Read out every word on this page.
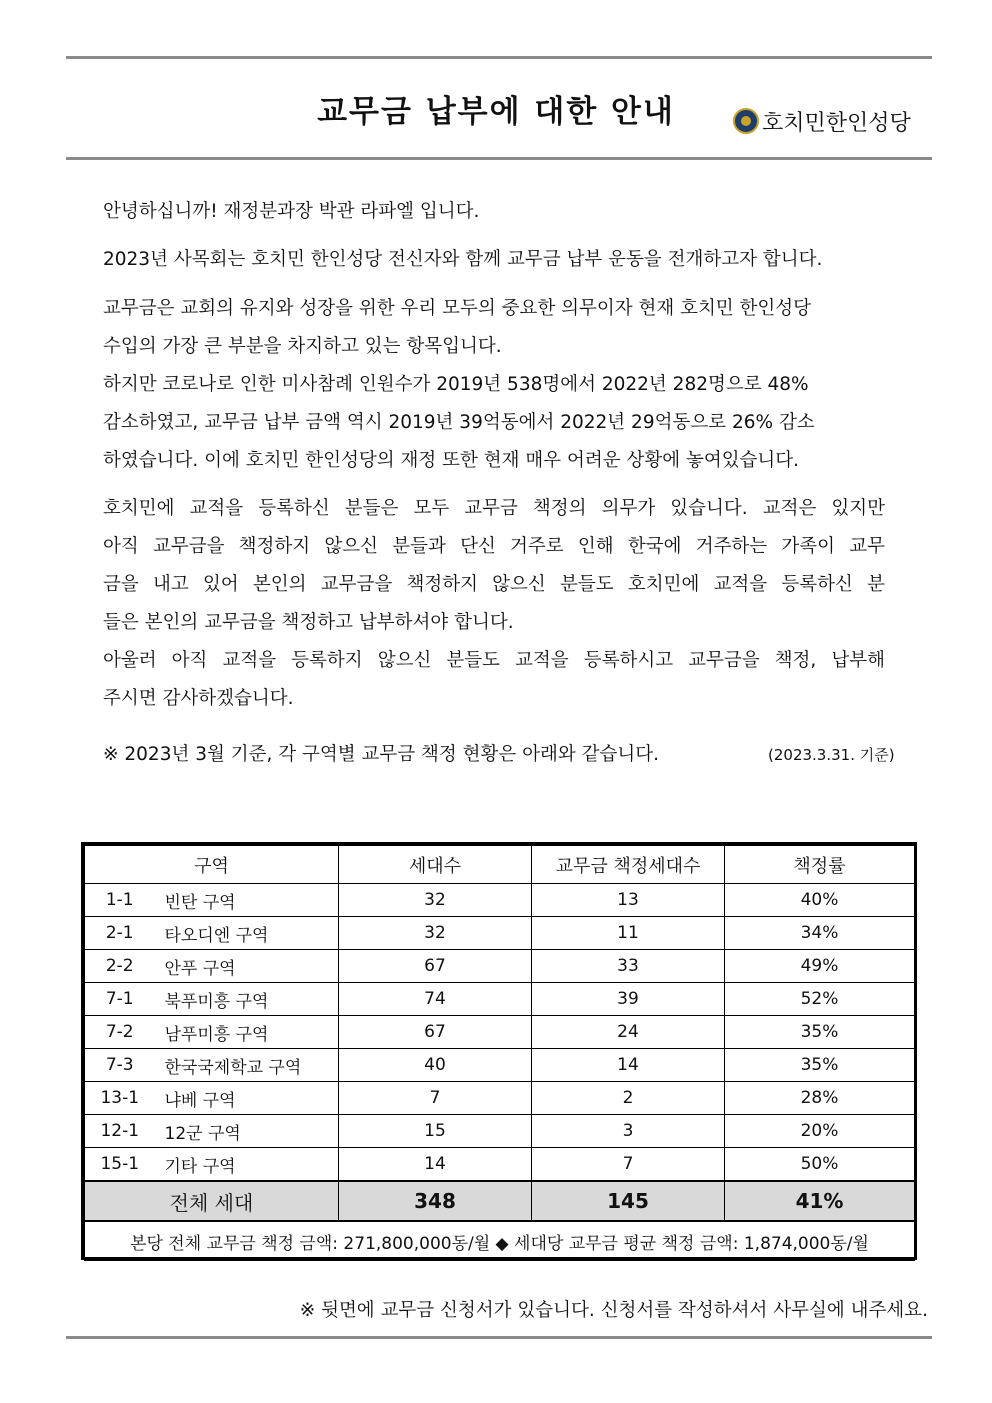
교무금 납부에 대한 안내	호치민한인성당
안녕하십니까! 재정분과장 박관 라파엘 입니다.
2023년 사목회는 호치민 한인성당 전신자와 함께 교무금 납부 운동을 전개하고자 합니다.
교무금은 교회의 유지와 성장을 위한 우리 모두의 중요한 의무이자 현재 호치민 한인성당
수입의 가장 큰 부분을 차지하고 있는 항목입니다.
하지만 코로나로 인한 미사참례 인원수가 2019년 538명에서 2022년 282명으로 48%
감소하였고, 교무금 납부 금액 역시 2019년 39억동에서 2022년 29억동으로 26% 감소
하였습니다. 이에 호치민 한인성당의 재정 또한 현재 매우 어려운 상황에 놓여있습니다.
호치민에 교적을 등록하신 분들은 모두 교무금 책정의 의무가 있습니다. 교적은 있지만
아직 교무금을 책정하지 않으신 분들과 단신 거주로 인해 한국에 거주하는 가족이 교무
금을 내고 있어 본인의 교무금을 책정하지 않으신 분들도 호치민에 교적을 등록하신 분
들은 본인의 교무금을 책정하고 납부하셔야 합니다.
아울러 아직 교적을 등록하지 않으신 분들도 교적을 등록하시고 교무금을 책정, 납부해
주시면 감사하겠습니다.
※ 2023년 3월 기준, 각 구역별 교무금 책정 현황은 아래와 같습니다.	(2023.3.31. 기준)
구역		세대수	교무금 책정세대수	책정률
1-1	빈탄 구역	32	13	40%
2-1	타오디엔 구역	32	11	34%
2-2	안푸 구역	67	33	49%
7-1	북푸미흥 구역	74	39	52%
7-2	남푸미흥 구역	67	24	35%
7-3	한국국제학교 구역	40	14	35%
13-1	냐베 구역	7	2	28%
12-1	12군 구역	15	3	20%
15-1	기타 구역	14	7	50%
전체 세대		348	145	41%
본당 전체 교무금 책정 금액: 271,800,000동/월 ◆ 세대당 교무금 평균 책정 금액: 1,874,000동/월				
※ 뒷면에 교무금 신청서가 있습니다. 신청서를 작성하셔서 사무실에 내주세요.
